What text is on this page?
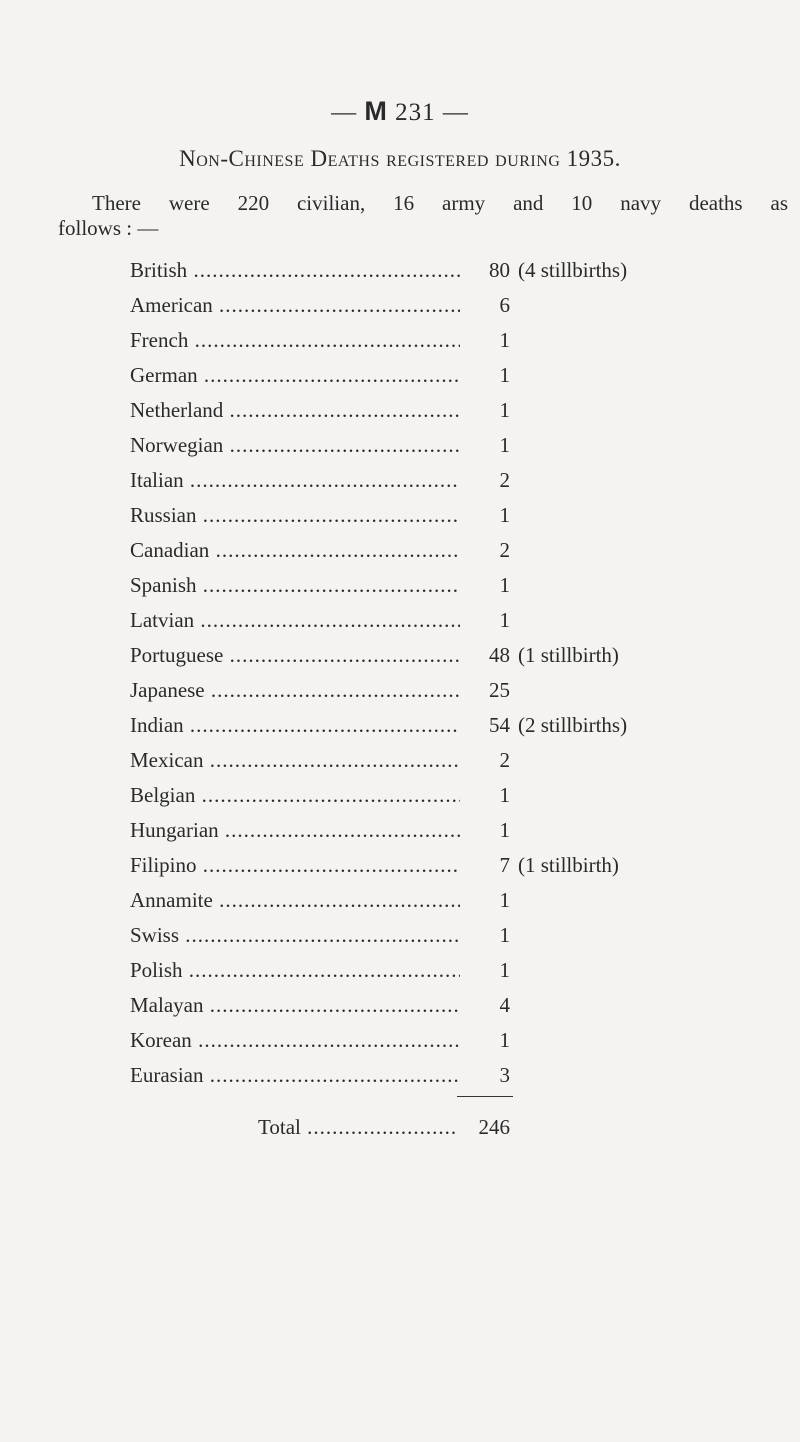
— M 231 —
Non-Chinese Deaths registered during 1935.
There were 220 civilian, 16 army and 10 navy deaths as
follows : —
British .....	80 (4 stillbirths)
American .....	6
French .....	1
German .....	1
Netherland .....	1
Norwegian .....	1
Italian .....	2
Russian .....	1
Canadian .....	2
Spanish .....	1
Latvian .....	1
Portuguese .....	48 (1 stillbirth)
Japanese .....	25
Indian .....	54 (2 stillbirths)
Mexican .....	2
Belgian .....	1
Hungarian .....	1
Filipino .....	7 (1 stillbirth)
Annamite .....	1
Swiss .....	1
Polish .....	1
Malayan .....	4
Korean .....	1
Eurasian .....	3
Total .....	246
